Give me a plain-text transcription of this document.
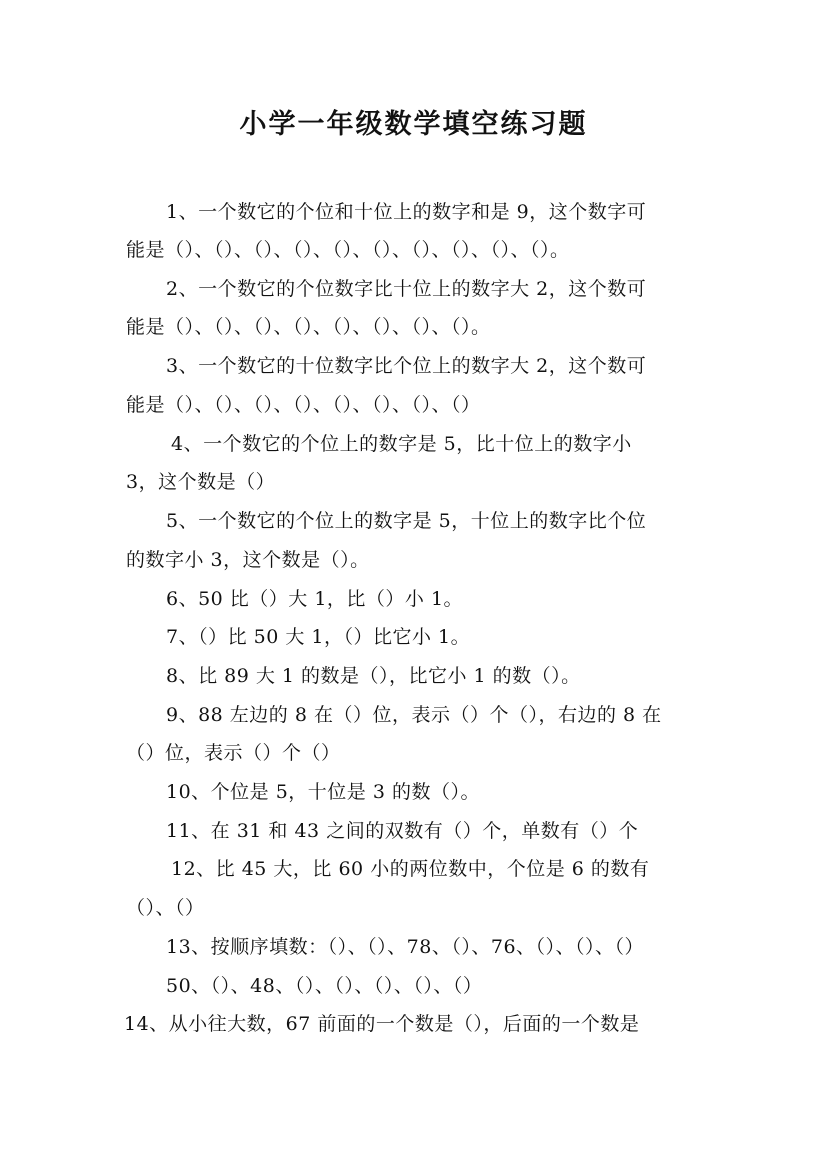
小学一年级数学填空练习题
1、一个数它的个位和十位上的数字和是 9，这个数字可
能是（）、（）、（）、（）、（）、（）、（）、（）、（）、（）。
2、一个数它的个位数字比十位上的数字大 2，这个数可
能是（）、（）、（）、（）、（）、（）、（）、（）。
3、一个数它的十位数字比个位上的数字大 2，这个数可
能是（）、（）、（）、（）、（）、（）、（）、（）
4、一个数它的个位上的数字是 5，比十位上的数字小
3，这个数是（）
5、一个数它的个位上的数字是 5，十位上的数字比个位
的数字小 3，这个数是（）。
6、50 比（）大 1，比（）小 1。
7、（）比 50 大 1，（）比它小 1。
8、比 89 大 1 的数是（），比它小 1 的数（）。
9、88 左边的 8 在（）位，表示（）个（），右边的 8 在
（）位，表示（）个（）
10、个位是 5，十位是 3 的数（）。
11、在 31 和 43 之间的双数有（）个，单数有（）个
12、比 45 大，比 60 小的两位数中，个位是 6 的数有
（）、（）
13、按顺序填数：（）、（）、78、（）、76、（）、（）、（）
50、（）、48、（）、（）、（）、（）、（）
14、从小往大数，67 前面的一个数是（），后面的一个数是
